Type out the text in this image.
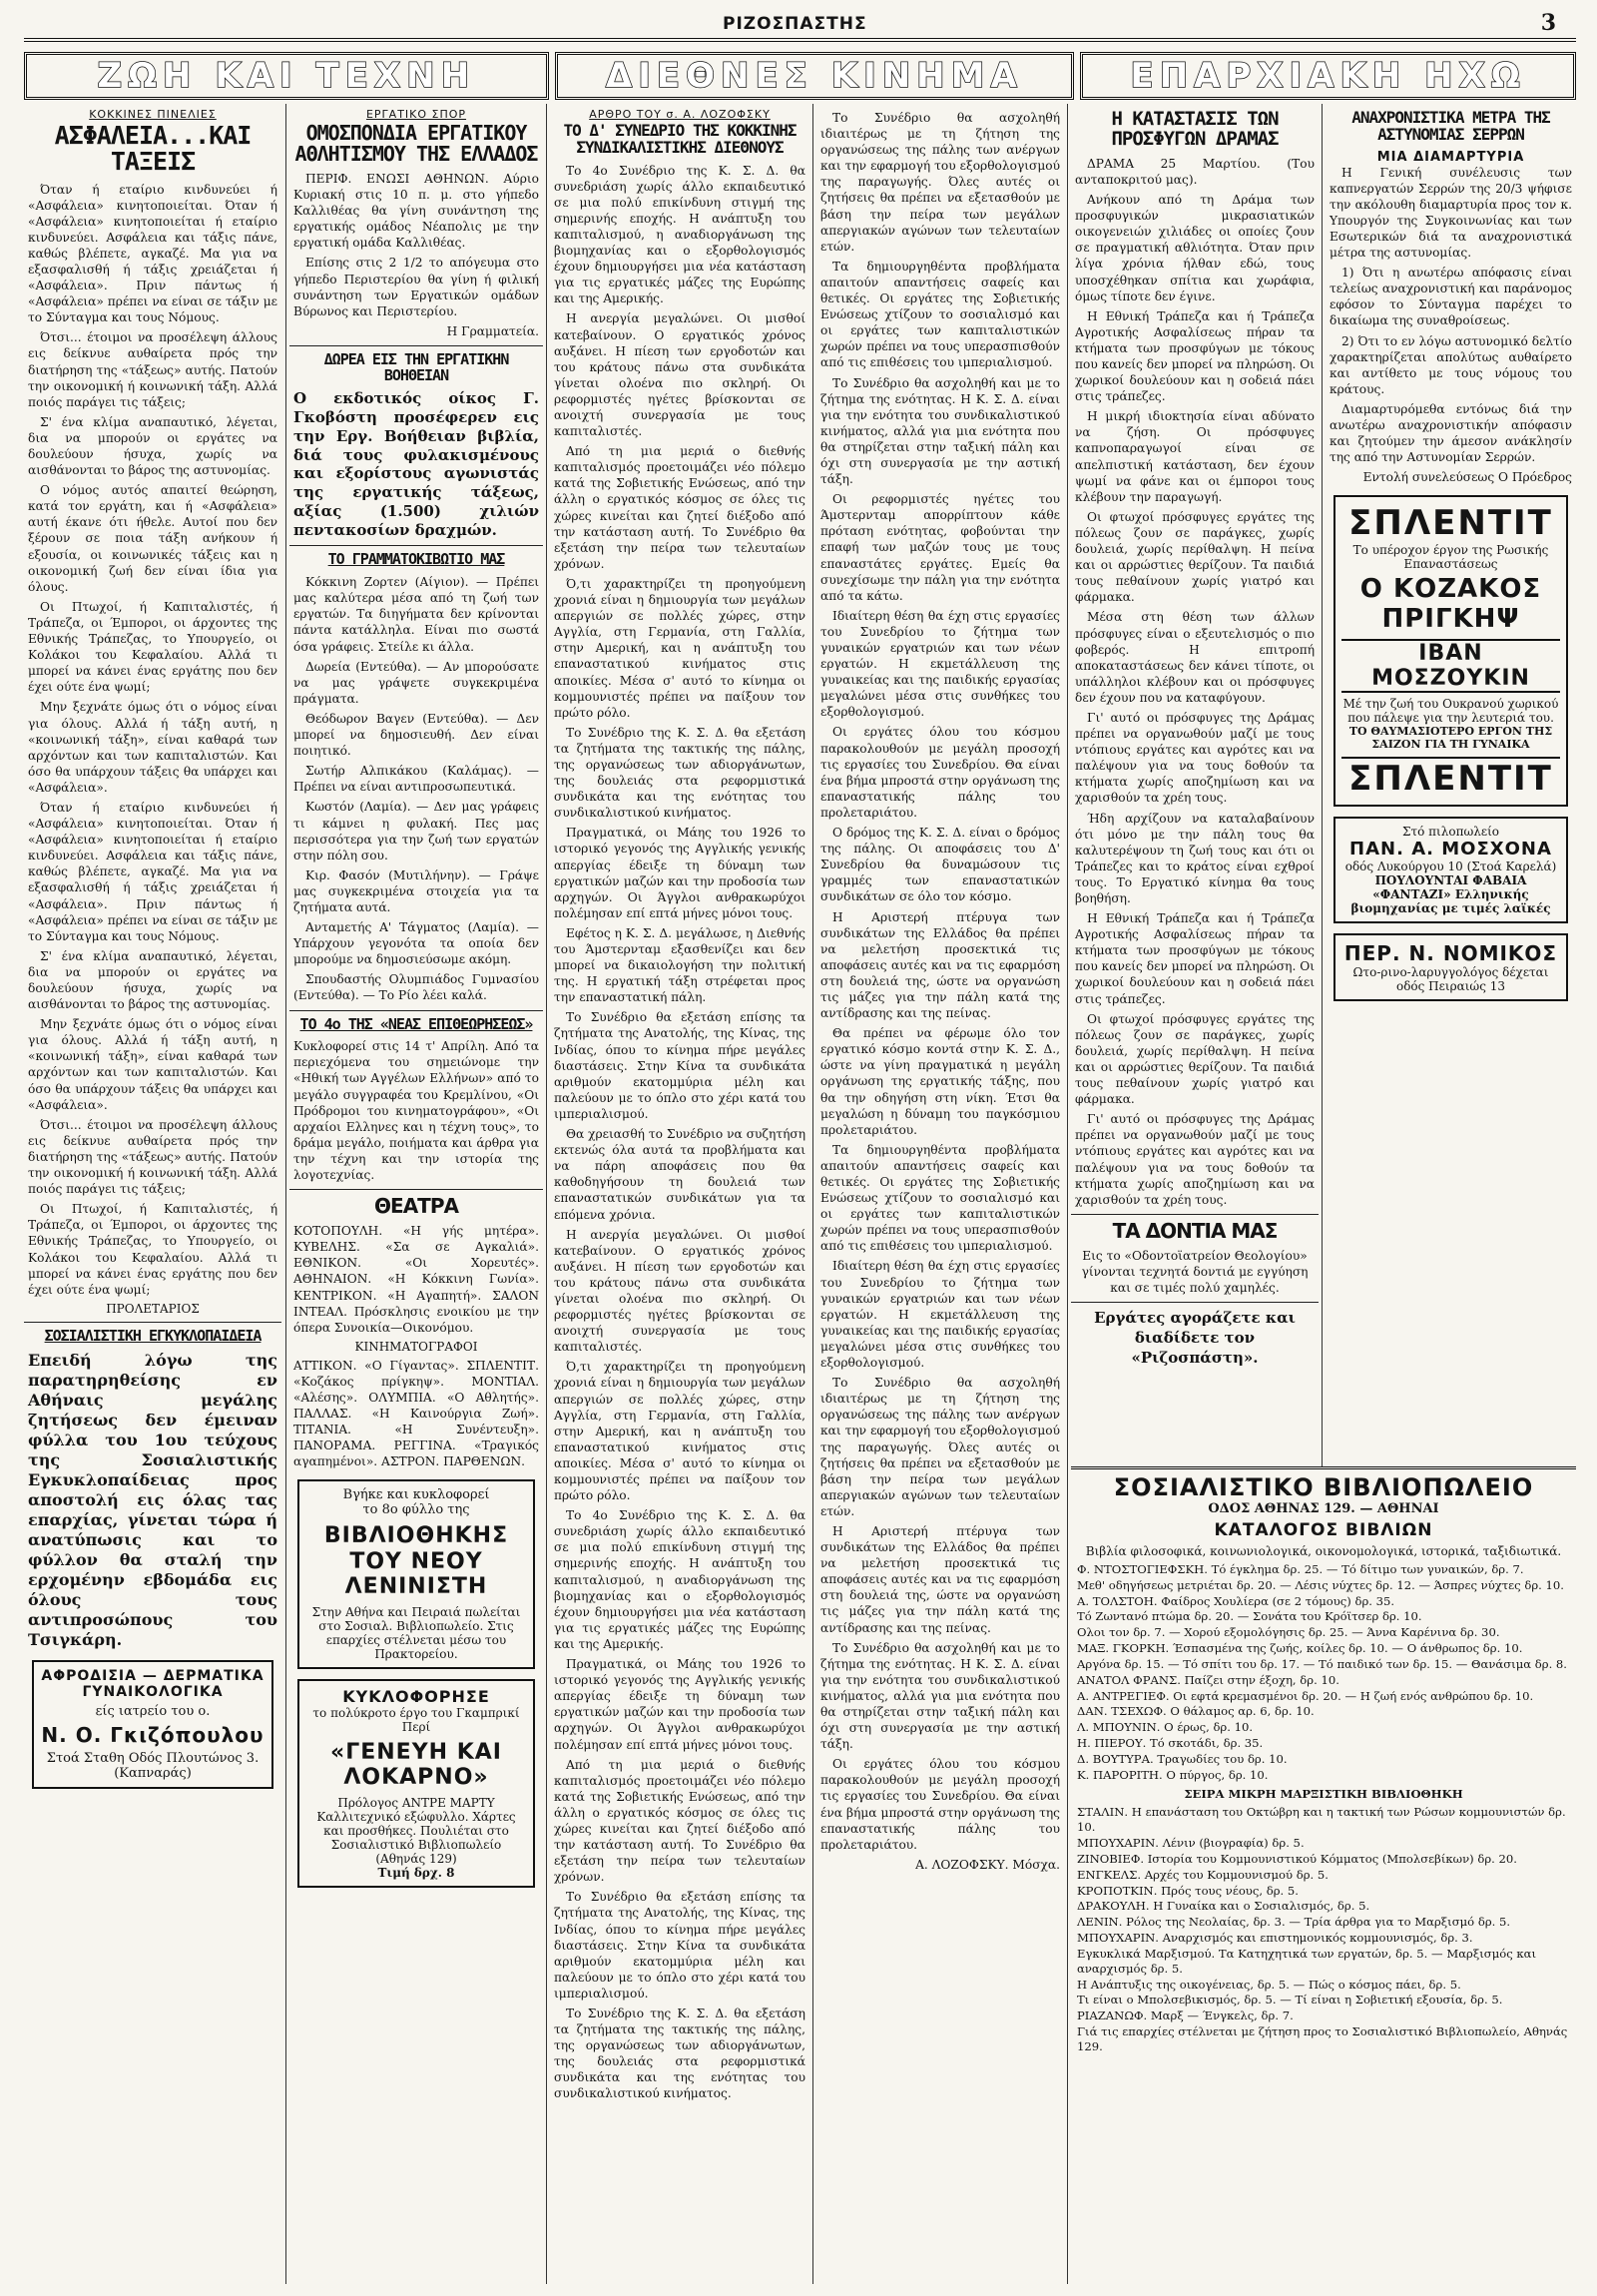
ΡΙΖΟΣΠΑΣΤΗΣ	3
ΖΩΗ ΚΑΙ ΤΕΧΝΗ	ΔΙΕΘΝΕΣ ΚΙΝΗΜΑ	ΕΠΑΡΧΙΑΚΗ ΗΧΩ
ΚΟΚΚΙΝΕΣ ΠΙΝΕΛΙΕΣ
ΑΣΦΑΛΕΙΑ...ΚΑΙ ΤΑΞΕΙΣ

Όταν ή εταίριο κινδυνεύει ή «Ασφάλεια» κινητοποιείται. Όταν ή «Ασφάλεια» κινητοποιείται ή εταίριο κινδυνεύει. Ασφάλεια και τάξις πάνε, καθώς βλέπετε, αγκαζέ. Μα για να εξασφαλισθή ή τάξις χρειάζεται ή «Ασφάλεια». Πριν πάντως ή «Ασφάλεια» πρέπει να είναι σε τάξιν με το Σύνταγμα και τους Νόμους.

Ότσι... έτοιμοι να προσέλεψη άλλους εις δείκνυε αυθαίρετα πρός την διατήρηση της «τάξεως» αυτής. Πατούν την οικονομική ή κοινωνική τάξη. Αλλά ποιός παράγει τις τάξεις;

Σ' ένα κλίμα αναπαυτικό, λέγεται, δια να μπορούν οι εργάτες να δουλεύουν ήσυχα, χωρίς να αισθάνονται το βάρος της αστυνομίας.

Ο νόμος αυτός απαιτεί θεώρηση, κατά τον εργάτη, και ή «Ασφάλεια» αυτή έκανε ότι ήθελε. Αυτοί που δεν ξέρουν σε ποια τάξη ανήκουν ή εξουσία, οι κοινωνικές τάξεις και η οικονομική ζωή δεν είναι ίδια για όλους.

Οι Πτωχοί, ή Καπιταλιστές, ή Τράπεζα, οι Έμποροι, οι άρχοντες της Εθνικής Τράπεζας, το Υπουργείο, οι Κολάκοι του Κεφαλαίου. Αλλά τι μπορεί να κάνει ένας εργάτης που δεν έχει ούτε ένα ψωμί;

Μην ξεχνάτε όμως ότι ο νόμος είναι για όλους. Αλλά ή τάξη αυτή, η «κοινωνική τάξη», είναι καθαρά των αρχόντων και των καπιταλιστών. Και όσο θα υπάρχουν τάξεις θα υπάρχει και «Ασφάλεια».

Όταν ή εταίριο κινδυνεύει ή «Ασφάλεια» κινητοποιείται. Όταν ή «Ασφάλεια» κινητοποιείται ή εταίριο κινδυνεύει. Ασφάλεια και τάξις πάνε, καθώς βλέπετε, αγκαζέ. Μα για να εξασφαλισθή ή τάξις χρειάζεται ή «Ασφάλεια». Πριν πάντως ή «Ασφάλεια» πρέπει να είναι σε τάξιν με το Σύνταγμα και τους Νόμους.

Σ' ένα κλίμα αναπαυτικό, λέγεται, δια να μπορούν οι εργάτες να δουλεύουν ήσυχα, χωρίς να αισθάνονται το βάρος της αστυνομίας.

Μην ξεχνάτε όμως ότι ο νόμος είναι για όλους. Αλλά ή τάξη αυτή, η «κοινωνική τάξη», είναι καθαρά των αρχόντων και των καπιταλιστών. Και όσο θα υπάρχουν τάξεις θα υπάρχει και «Ασφάλεια».

Ότσι... έτοιμοι να προσέλεψη άλλους εις δείκνυε αυθαίρετα πρός την διατήρηση της «τάξεως» αυτής. Πατούν την οικονομική ή κοινωνική τάξη. Αλλά ποιός παράγει τις τάξεις;

Οι Πτωχοί, ή Καπιταλιστές, ή Τράπεζα, οι Έμποροι, οι άρχοντες της Εθνικής Τράπεζας, το Υπουργείο, οι Κολάκοι του Κεφαλαίου. Αλλά τι μπορεί να κάνει ένας εργάτης που δεν έχει ούτε ένα ψωμί;

ΠΡΟΛΕΤΑΡΙΟΣ
ΣΟΣΙΑΛΙΣΤΙΚΗ ΕΓΚΥΚΛΟΠΑΙΔΕΙΑ
Επειδή λόγω της παρατηρηθείσης εν Αθήναις μεγάλης ζητήσεως δεν έμειναν φύλλα του 1ου τεύχους της Σοσιαλιστικής Εγκυκλοπαίδειας προς αποστολή εις όλας τας επαρχίας, γίνεται τώρα ή ανατύπωσις και το φύλλον θα σταλή την ερχομένην εβδομάδα εις όλους τους αντιπροσώπους του Τσιγκάρη.
ΑΦΡΟΔΙΣΙΑ — ΔΕΡΜΑΤΙΚΑ ΓΥΝΑΙΚΟΛΟΓΙΚΑ
είς ιατρείο του ο.
Ν. Ο. Γκιζόπουλου
Στοά Σταθη Οδός Πλουτώνος 3. (Καπναράς)
ΕΡΓΑΤΙΚΟ ΣΠΟΡ
ΟΜΟΣΠΟΝΔΙΑ ΕΡΓΑΤΙΚΟΥ ΑΘΛΗΤΙΣΜΟΥ ΤΗΣ ΕΛΛΑΔΟΣ

ΠΕΡΙΦ. ΕΝΩΣΙ ΑΘΗΝΩΝ. Αύριο Κυριακή στις 10 π. μ. στο γήπεδο Καλλιθέας θα γίνη συνάντηση της εργατικής ομάδος Νέαπολις με την εργατική ομάδα Καλλιθέας.

Επίσης στις 2 1/2 το απόγευμα στο γήπεδο Περιστερίου θα γίνη ή φιλική συνάντηση των Εργατικών ομάδων Βύρωνος και Περιστερίου.

Η Γραμματεία.

ΔΩΡΕΑ ΕΙΣ ΤΗΝ ΕΡΓΑΤΙΚΗΝ ΒΟΗΘΕΙΑΝ
Ο εκδοτικός οίκος Γ. Γκοβόστη προσέφερεν εις την Εργ. Βοήθειαν βιβλία, διά τους φυλακισμένους και εξορίστους αγωνιστάς της εργατικής τάξεως, αξίας (1.500) χιλιών πεντακοσίων δραχμών.
ΤΟ ΓΡΑΜΜΑΤΟΚΙΒΩΤΙΟ ΜΑΣ

Κόκκινη Ζορτεν (Αίγιον). — Πρέπει μας καλύτερα μέσα από τη ζωή των εργατών. Τα διηγήματα δεν κρίνονται πάντα κατάλληλα. Είναι πιο σωστά όσα γράφεις. Στείλε κι άλλα.

Δωρεία (Εντεύθα). — Αν μπορούσατε να μας γράψετε συγκεκριμένα πράγματα.

Θεόδωρον Βαγεν (Εντεύθα). — Δεν μπορεί να δημοσιευθή. Δεν είναι ποιητικό.

Σωτήρ Αλπικάκου (Καλάμας). — Πρέπει να είναι αντιπροσωπευτικά.

Κωστόν (Λαμία). — Δεν μας γράφεις τι κάμνει η φυλακή. Πες μας περισσότερα για την ζωή των εργατών στην πόλη σου.

Κιρ. Φασόν (Μυτιλήνην). — Γράψε μας συγκεκριμένα στοιχεία για τα ζητήματα αυτά.

Ανταμετής Α' Τάγματος (Λαμία). — Υπάρχουν γεγονότα τα οποία δεν μπορούμε να δημοσιεύσωμε ακόμη.

Σπουδαστής Ολυμπιάδος Γυμνασίου (Εντεύθα). — Το Ρίο λέει καλά.

ΤΟ 4ο ΤΗΣ «ΝΕΑΣ ΕΠΙΘΕΩΡΗΣΕΩΣ»
Κυκλοφορεί στις 14 τ' Απρίλη. Από τα περιεχόμενα του σημειώνομε την «Ηθική των Αγγέλων Ελλήνων» από το μεγάλο συγγραφέα του Κρεμλίνου, «Οι Πρόδρομοι του κινηματογράφου», «Οι αρχαίοι Ελληνες και η τέχνη τους», το δράμα μεγάλο, ποιήματα και άρθρα για την τέχνη και την ιστορία της λογοτεχνίας.
ΘΕΑΤΡΑ
ΚΟΤΟΠΟΥΛΗ. «Η γής μητέρα». ΚΥΒΕΛΗΣ. «Σα σε Αγκαλιά». ΕΘΝΙΚΟΝ. «Οι Χορευτές». ΑΘΗΝΑΙΟΝ. «Η Κόκκινη Γωνία». ΚΕΝΤΡΙΚΟΝ. «Η Αγαπητή». ΣΑΛΟΝ ΙΝΤΕΑΛ. Πρόσκλησις ενοικίου με την όπερα Συνοικία—Οικονόμου.
ΚΙΝΗΜΑΤΟΓΡΑΦΟΙ
ΑΤΤΙΚΟΝ. «Ο Γίγαντας». ΣΠΛΕΝΤΙΤ. «Κοζάκος πρίγκηψ». ΜΟΝΤΙΑΛ. «Αλέσης». ΟΛΥΜΠΙΑ. «Ο Αθλητής». ΠΑΛΛΑΣ. «Η Καινούργια Ζωή». ΤΙΤΑΝΙΑ. «Η Συνέντευξη». ΠΑΝΟΡΑΜΑ. ΡΕΓΓΙΝΑ. «Τραγικός αγαπημένοι». ΑΣΤΡΟΝ. ΠΑΡΘΕΝΩΝ.
Βγήκε και κυκλοφορεί
το 8ο φύλλο της
ΒΙΒΛΙΟΘΗΚΗΣ ΤΟΥ ΝΕΟΥ ΛΕΝΙΝΙΣΤΗ
Στην Αθήνα και Πειραιά πωλείται στο Σοσιαλ. Βιβλιοπωλείο. Στις επαρχίες στέλνεται μέσω του Πρακτορείου.
ΚΥΚΛΟΦΟΡΗΣΕ
το πολύκροτο έργο του Γκαμπρικί Περί
«ΓΕΝΕΥΗ ΚΑΙ ΛΟΚΑΡΝΟ»
Πρόλογος ΑΝΤΡΕ ΜΑΡΤΥ
Καλλιτεχνικό εξώφυλλο. Χάρτες και προσθήκες. Πουλιέται στο Σοσιαλιστικό Βιβλιοπωλείο (Αθηνάς 129)
Τιμή δρχ. 8
ΑΡΘΡΟ ΤΟΥ σ. Α. ΛΟΖΟΦΣΚΥ
ΤΟ Δ' ΣΥΝΕΔΡΙΟ ΤΗΣ ΚΟΚΚΙΝΗΣ ΣΥΝΔΙΚΑΛΙΣΤΙΚΗΣ ΔΙΕΘΝΟΥΣ

Το 4ο Συνέδριο της Κ. Σ. Δ. θα συνεδριάση χωρίς άλλο εκπαιδευτικό σε μια πολύ επικίνδυνη στιγμή της σημερινής εποχής. Η ανάπτυξη του καπιταλισμού, η αναδιοργάνωση της βιομηχανίας και ο εξορθολογισμός έχουν δημιουργήσει μια νέα κατάσταση για τις εργατικές μάζες της Ευρώπης και της Αμερικής.

Η ανεργία μεγαλώνει. Οι μισθοί κατεβαίνουν. Ο εργατικός χρόνος αυξάνει. Η πίεση των εργοδοτών και του κράτους πάνω στα συνδικάτα γίνεται ολοένα πιο σκληρή. Οι ρεφορμιστές ηγέτες βρίσκονται σε ανοιχτή συνεργασία με τους καπιταλιστές.

Από τη μια μεριά ο διεθνής καπιταλισμός προετοιμάζει νέο πόλεμο κατά της Σοβιετικής Ενώσεως, από την άλλη ο εργατικός κόσμος σε όλες τις χώρες κινείται και ζητεί διέξοδο από την κατάσταση αυτή. Το Συνέδριο θα εξετάση την πείρα των τελευταίων χρόνων.

Ό,τι χαρακτηρίζει τη προηγούμενη χρονιά είναι η δημιουργία των μεγάλων απεργιών σε πολλές χώρες, στην Αγγλία, στη Γερμανία, στη Γαλλία, στην Αμερική, και η ανάπτυξη του επαναστατικού κινήματος στις αποικίες. Μέσα σ' αυτό το κίνημα οι κομμουνιστές πρέπει να παίξουν τον πρώτο ρόλο.

Το Συνέδριο της Κ. Σ. Δ. θα εξετάση τα ζητήματα της τακτικής της πάλης, της οργανώσεως των αδιοργάνωτων, της δουλειάς στα ρεφορμιστικά συνδικάτα και της ενότητας του συνδικαλιστικού κινήματος.

Πραγματικά, οι Μάης του 1926 το ιστορικό γεγονός της Αγγλικής γενικής απεργίας έδειξε τη δύναμη των εργατικών μαζών και την προδοσία των αρχηγών. Οι Άγγλοι ανθρακωρύχοι πολέμησαν επί επτά μήνες μόνοι τους.

Εφέτος η Κ. Σ. Δ. μεγάλωσε, η Διεθνής του Άμστερνταμ εξασθενίζει και δεν μπορεί να δικαιολογήση την πολιτική της. Η εργατική τάξη στρέφεται προς την επαναστατική πάλη.

Το Συνέδριο θα εξετάση επίσης τα ζητήματα της Ανατολής, της Κίνας, της Ινδίας, όπου το κίνημα πήρε μεγάλες διαστάσεις. Στην Κίνα τα συνδικάτα αριθμούν εκατομμύρια μέλη και παλεύουν με το όπλο στο χέρι κατά του ιμπεριαλισμού.

Θα χρειασθή το Συνέδριο να συζητήση εκτενώς όλα αυτά τα προβλήματα και να πάρη αποφάσεις που θα καθοδηγήσουν τη δουλειά των επαναστατικών συνδικάτων για τα επόμενα χρόνια.

Η ανεργία μεγαλώνει. Οι μισθοί κατεβαίνουν. Ο εργατικός χρόνος αυξάνει. Η πίεση των εργοδοτών και του κράτους πάνω στα συνδικάτα γίνεται ολοένα πιο σκληρή. Οι ρεφορμιστές ηγέτες βρίσκονται σε ανοιχτή συνεργασία με τους καπιταλιστές.

Ό,τι χαρακτηρίζει τη προηγούμενη χρονιά είναι η δημιουργία των μεγάλων απεργιών σε πολλές χώρες, στην Αγγλία, στη Γερμανία, στη Γαλλία, στην Αμερική, και η ανάπτυξη του επαναστατικού κινήματος στις αποικίες. Μέσα σ' αυτό το κίνημα οι κομμουνιστές πρέπει να παίξουν τον πρώτο ρόλο.

Το 4ο Συνέδριο της Κ. Σ. Δ. θα συνεδριάση χωρίς άλλο εκπαιδευτικό σε μια πολύ επικίνδυνη στιγμή της σημερινής εποχής. Η ανάπτυξη του καπιταλισμού, η αναδιοργάνωση της βιομηχανίας και ο εξορθολογισμός έχουν δημιουργήσει μια νέα κατάσταση για τις εργατικές μάζες της Ευρώπης και της Αμερικής.

Πραγματικά, οι Μάης του 1926 το ιστορικό γεγονός της Αγγλικής γενικής απεργίας έδειξε τη δύναμη των εργατικών μαζών και την προδοσία των αρχηγών. Οι Άγγλοι ανθρακωρύχοι πολέμησαν επί επτά μήνες μόνοι τους.

Από τη μια μεριά ο διεθνής καπιταλισμός προετοιμάζει νέο πόλεμο κατά της Σοβιετικής Ενώσεως, από την άλλη ο εργατικός κόσμος σε όλες τις χώρες κινείται και ζητεί διέξοδο από την κατάσταση αυτή. Το Συνέδριο θα εξετάση την πείρα των τελευταίων χρόνων.

Το Συνέδριο θα εξετάση επίσης τα ζητήματα της Ανατολής, της Κίνας, της Ινδίας, όπου το κίνημα πήρε μεγάλες διαστάσεις. Στην Κίνα τα συνδικάτα αριθμούν εκατομμύρια μέλη και παλεύουν με το όπλο στο χέρι κατά του ιμπεριαλισμού.

Το Συνέδριο της Κ. Σ. Δ. θα εξετάση τα ζητήματα της τακτικής της πάλης, της οργανώσεως των αδιοργάνωτων, της δουλειάς στα ρεφορμιστικά συνδικάτα και της ενότητας του συνδικαλιστικού κινήματος.

Το Συνέδριο θα ασχοληθή ιδιαιτέρως με τη ζήτηση της οργανώσεως της πάλης των ανέργων και την εφαρμογή του εξορθολογισμού της παραγωγής. Όλες αυτές οι ζητήσεις θα πρέπει να εξετασθούν με βάση την πείρα των μεγάλων απεργιακών αγώνων των τελευταίων ετών.

Τα δημιουργηθέντα προβλήματα απαιτούν απαντήσεις σαφείς και θετικές. Οι εργάτες της Σοβιετικής Ενώσεως χτίζουν το σοσιαλισμό και οι εργάτες των καπιταλιστικών χωρών πρέπει να τους υπερασπισθούν από τις επιθέσεις του ιμπεριαλισμού.

Το Συνέδριο θα ασχοληθή και με το ζήτημα της ενότητας. Η Κ. Σ. Δ. είναι για την ενότητα του συνδικαλιστικού κινήματος, αλλά για μια ενότητα που θα στηρίζεται στην ταξική πάλη και όχι στη συνεργασία με την αστική τάξη.

Οι ρεφορμιστές ηγέτες του Άμστερνταμ απορρίπτουν κάθε πρόταση ενότητας, φοβούνται την επαφή των μαζών τους με τους επαναστάτες εργάτες. Εμείς θα συνεχίσωμε την πάλη για την ενότητα από τα κάτω.

Ιδιαίτερη θέση θα έχη στις εργασίες του Συνεδρίου το ζήτημα των γυναικών εργατριών και των νέων εργατών. Η εκμετάλλευση της γυναικείας και της παιδικής εργασίας μεγαλώνει μέσα στις συνθήκες του εξορθολογισμού.

Οι εργάτες όλου του κόσμου παρακολουθούν με μεγάλη προσοχή τις εργασίες του Συνεδρίου. Θα είναι ένα βήμα μπροστά στην οργάνωση της επαναστατικής πάλης του προλεταριάτου.

Ο δρόμος της Κ. Σ. Δ. είναι ο δρόμος της πάλης. Οι αποφάσεις του Δ' Συνεδρίου θα δυναμώσουν τις γραμμές των επαναστατικών συνδικάτων σε όλο τον κόσμο.

Η Αριστερή πτέρυγα των συνδικάτων της Ελλάδος θα πρέπει να μελετήση προσεκτικά τις αποφάσεις αυτές και να τις εφαρμόση στη δουλειά της, ώστε να οργανώση τις μάζες για την πάλη κατά της αντίδρασης και της πείνας.

Θα πρέπει να φέρωμε όλο τον εργατικό κόσμο κοντά στην Κ. Σ. Δ., ώστε να γίνη πραγματικά η μεγάλη οργάνωση της εργατικής τάξης, που θα την οδηγήση στη νίκη. Έτσι θα μεγαλώση η δύναμη του παγκόσμιου προλεταριάτου.

Τα δημιουργηθέντα προβλήματα απαιτούν απαντήσεις σαφείς και θετικές. Οι εργάτες της Σοβιετικής Ενώσεως χτίζουν το σοσιαλισμό και οι εργάτες των καπιταλιστικών χωρών πρέπει να τους υπερασπισθούν από τις επιθέσεις του ιμπεριαλισμού.

Ιδιαίτερη θέση θα έχη στις εργασίες του Συνεδρίου το ζήτημα των γυναικών εργατριών και των νέων εργατών. Η εκμετάλλευση της γυναικείας και της παιδικής εργασίας μεγαλώνει μέσα στις συνθήκες του εξορθολογισμού.

Το Συνέδριο θα ασχοληθή ιδιαιτέρως με τη ζήτηση της οργανώσεως της πάλης των ανέργων και την εφαρμογή του εξορθολογισμού της παραγωγής. Όλες αυτές οι ζητήσεις θα πρέπει να εξετασθούν με βάση την πείρα των μεγάλων απεργιακών αγώνων των τελευταίων ετών.

Η Αριστερή πτέρυγα των συνδικάτων της Ελλάδος θα πρέπει να μελετήση προσεκτικά τις αποφάσεις αυτές και να τις εφαρμόση στη δουλειά της, ώστε να οργανώση τις μάζες για την πάλη κατά της αντίδρασης και της πείνας.

Το Συνέδριο θα ασχοληθή και με το ζήτημα της ενότητας. Η Κ. Σ. Δ. είναι για την ενότητα του συνδικαλιστικού κινήματος, αλλά για μια ενότητα που θα στηρίζεται στην ταξική πάλη και όχι στη συνεργασία με την αστική τάξη.

Οι εργάτες όλου του κόσμου παρακολουθούν με μεγάλη προσοχή τις εργασίες του Συνεδρίου. Θα είναι ένα βήμα μπροστά στην οργάνωση της επαναστατικής πάλης του προλεταριάτου.

Α. ΛΟΖΟΦΣΚΥ. Μόσχα.

Η ΚΑΤΑΣΤΑΣΙΣ ΤΩΝ ΠΡΟΣΦΥΓΩΝ ΔΡΑΜΑΣ

ΔΡΑΜΑ 25 Μαρτίου. (Του ανταποκριτού μας).

Ανήκουν από τη Δράμα των προσφυγικών μικρασιατικών οικογενειών χιλιάδες οι οποίες ζουν σε πραγματική αθλιότητα. Όταν πριν λίγα χρόνια ήλθαν εδώ, τους υποσχέθηκαν σπίτια και χωράφια, όμως τίποτε δεν έγινε.

Η Εθνική Τράπεζα και ή Τράπεζα Αγροτικής Ασφαλίσεως πήραν τα κτήματα των προσφύγων με τόκους που κανείς δεν μπορεί να πληρώση. Οι χωρικοί δουλεύουν και η σοδειά πάει στις τράπεζες.

Η μικρή ιδιοκτησία είναι αδύνατο να ζήση. Οι πρόσφυγες καπνοπαραγωγοί είναι σε απελπιστική κατάσταση, δεν έχουν ψωμί να φάνε και οι έμποροι τους κλέβουν την παραγωγή.

Οι φτωχοί πρόσφυγες εργάτες της πόλεως ζουν σε παράγκες, χωρίς δουλειά, χωρίς περίθαλψη. Η πείνα και οι αρρώστιες θερίζουν. Τα παιδιά τους πεθαίνουν χωρίς γιατρό και φάρμακα.

Μέσα στη θέση των άλλων πρόσφυγες είναι ο εξευτελισμός ο πιο φοβερός. Η επιτροπή αποκαταστάσεως δεν κάνει τίποτε, οι υπάλληλοι κλέβουν και οι πρόσφυγες δεν έχουν που να καταφύγουν.

Γι' αυτό οι πρόσφυγες της Δράμας πρέπει να οργανωθούν μαζί με τους ντόπιους εργάτες και αγρότες και να παλέψουν για να τους δοθούν τα κτήματα χωρίς αποζημίωση και να χαρισθούν τα χρέη τους.

Ήδη αρχίζουν να καταλαβαίνουν ότι μόνο με την πάλη τους θα καλυτερέψουν τη ζωή τους και ότι οι Τράπεζες και το κράτος είναι εχθροί τους. Το Εργατικό κίνημα θα τους βοηθήση.

Η Εθνική Τράπεζα και ή Τράπεζα Αγροτικής Ασφαλίσεως πήραν τα κτήματα των προσφύγων με τόκους που κανείς δεν μπορεί να πληρώση. Οι χωρικοί δουλεύουν και η σοδειά πάει στις τράπεζες.

Οι φτωχοί πρόσφυγες εργάτες της πόλεως ζουν σε παράγκες, χωρίς δουλειά, χωρίς περίθαλψη. Η πείνα και οι αρρώστιες θερίζουν. Τα παιδιά τους πεθαίνουν χωρίς γιατρό και φάρμακα.

Γι' αυτό οι πρόσφυγες της Δράμας πρέπει να οργανωθούν μαζί με τους ντόπιους εργάτες και αγρότες και να παλέψουν για να τους δοθούν τα κτήματα χωρίς αποζημίωση και να χαρισθούν τα χρέη τους.

ΤΑ ΔΟΝΤΙΑ ΜΑΣ
Εις το «Οδοντοϊατρείον Θεολογίου» γίνονται τεχνητά δοντιά με εγγύηση και σε τιμές πολύ χαμηλές.
Εργάτες αγοράζετε και διαδίδετε τον «Ριζοσπάστη».
ΑΝΑΧΡΟΝΙΣΤΙΚΑ ΜΕΤΡΑ ΤΗΣ ΑΣΤΥΝΟΜΙΑΣ ΣΕΡΡΩΝ
ΜΙΑ ΔΙΑΜΑΡΤΥΡΙΑ

Η Γενική συνέλευσις των καπνεργατών Σερρών της 20/3 ψήφισε την ακόλουθη διαμαρτυρία προς τον κ. Υπουργόν της Συγκοινωνίας και των Εσωτερικών διά τα αναχρονιστικά μέτρα της αστυνομίας.

1) Ότι η ανωτέρω απόφασις είναι τελείως αναχρονιστική και παράνομος εφόσον το Σύνταγμα παρέχει το δικαίωμα της συναθροίσεως.

2) Ότι το εν λόγω αστυνομικό δελτίο χαρακτηρίζεται απολύτως αυθαίρετο και αντίθετο με τους νόμους του κράτους.

Διαμαρτυρόμεθα εντόνως διά την ανωτέρω αναχρονιστικήν απόφασιν και ζητούμεν την άμεσον ανάκλησίν της από την Αστυνομίαν Σερρών.

Εντολή συνελεύσεως Ο Πρόεδρος

ΣΠΛΕΝΤΙΤ
Το υπέροχον έργον της Ρωσικής Επαναστάσεως
Ο ΚΟΖΑΚΟΣ ΠΡΙΓΚΗΨ
ΙΒΑΝ ΜΟΣΖΟΥΚΙΝ
Μέ την ζωή του Ουκρανού χωρικού που πάλεψε για την λευτεριά του.
ΤΟ ΘΑΥΜΑΣΙΟΤΕΡΟ ΕΡΓΟΝ ΤΗΣ ΣΑΙΖΟΝ ΓΙΑ ΤΗ ΓΥΝΑΙΚΑ
ΣΠΛΕΝΤΙΤ
Στό πιλοπωλείο
ΠΑΝ. Α. ΜΟΣΧΟΝΑ
οδός Λυκούργου 10 (Στοά Καρελά)
ΠΟΥΛΟΥΝΤΑΙ ΦΑΒΑΙΑ «ΦΑΝΤΑΖΙ» Ελληνικής βιομηχανίας με τιμές λαϊκές
ΠΕΡ. Ν. ΝΟΜΙΚΟΣ
Ωτο-ρινο-λαρυγγολόγος δέχεται οδός Πειραιώς 13
ΣΟΣΙΑΛΙΣΤΙΚΟ ΒΙΒΛΙΟΠΩΛΕΙΟ
ΟΔΟΣ ΑΘΗΝΑΣ 129. — ΑΘΗΝΑΙ
ΚΑΤΑΛΟΓΟΣ ΒΙΒΛΙΩΝ
Βιβλία φιλοσοφικά, κοινωνιολογικά, οικονομολογικά, ιστορικά, ταξιδιωτικά.
Φ. ΝΤΟΣΤΟΓΙΕΦΣΚΗ. Τό έγκλημα δρ. 25. — Τό δίτιμο των γυναικών, δρ. 7.
Μεθ' οδηγήσεως μετριέται δρ. 20. — Λέσις νύχτες δρ. 12. — Άσπρες νύχτες δρ. 10.
Α. ΤΟΛΣΤΟΗ. Φαίδρος Χουλίερα (σε 2 τόμους) δρ. 35.
Τό Ζωντανό πτώμα δρ. 20. — Σονάτα του Κρόϊτσερ δρ. 10.
Ολοι τον δρ. 7. — Χορού εξομολόγησις δρ. 25. — Άννα Καρένινα δρ. 30.
ΜΑΞ. ΓΚΟΡΚΗ. Έσπασμένα της ζωής, κοίλες δρ. 10. — Ο άνθρωπος δρ. 10.
Αργόνα δρ. 15. — Τό σπίτι του δρ. 17. — Τό παιδικό των δρ. 15. — Θανάσιμα δρ. 8.
ΑΝΑΤΟΛ ΦΡΑΝΣ. Παίζει στην έξοχη, δρ. 10.
Α. ΑΝΤΡΕΓΙΕΦ. Οι εφτά κρεμασμένοι δρ. 20. — Η ζωή ενός ανθρώπου δρ. 10.
ΔΑΝ. ΤΣΕΧΩΦ. Ο θάλαμος αρ. 6, δρ. 10.
Λ. ΜΠΟΥΝΙΝ. Ο έρως, δρ. 10.
Η. ΠΙΕΡΟΥ. Τό σκοτάδι, δρ. 35.
Δ. ΒΟΥΤΥΡΑ. Τραγωδίες του δρ. 10.
Κ. ΠΑΡΟΡΙΤΗ. Ο πύργος, δρ. 10.
ΣΕΙΡΑ ΜΙΚΡΗ ΜΑΡΞΙΣΤΙΚΗ ΒΙΒΛΙΟΘΗΚΗ
ΣΤΑΛΙΝ. Η επανάσταση του Οκτώβρη και η τακτική των Ρώσων κομμουνιστών δρ. 10.
ΜΠΟΥΧΑΡΙΝ. Λένιν (βιογραφία) δρ. 5.
ΖΙΝΟΒΙΕΦ. Ιστορία του Κομμουνιστικού Κόμματος (Μπολσεβίκων) δρ. 20.
ΕΝΓΚΕΛΣ. Αρχές του Κομμουνισμού δρ. 5.
ΚΡΟΠΟΤΚΙΝ. Πρός τους νέους, δρ. 5.
ΔΡΑΚΟΥΛΗ. Η Γυναίκα και ο Σοσιαλισμός, δρ. 5.
ΛΕΝΙΝ. Ρόλος της Νεολαίας, δρ. 3. — Τρία άρθρα για το Μαρξισμό δρ. 5.
ΜΠΟΥΧΑΡΙΝ. Αναρχισμός και επιστημονικός κομμουνισμός, δρ. 3.
Εγκυκλικά Μαρξισμού. Τα Κατηχητικά των εργατών, δρ. 5. — Μαρξισμός και αναρχισμός δρ. 5.
Η Ανάπτυξις της οικογένειας, δρ. 5. — Πώς ο κόσμος πάει, δρ. 5.
Τι είναι ο Μπολσεβικισμός, δρ. 5. — Τί είναι η Σοβιετική εξουσία, δρ. 5.
ΡΙΑΖΑΝΩΦ. Μαρξ — Ένγκελς, δρ. 7.
Γιά τις επαρχίες στέλνεται με ζήτηση προς το Σοσιαλιστικό Βιβλιοπωλείο, Αθηνάς 129.
